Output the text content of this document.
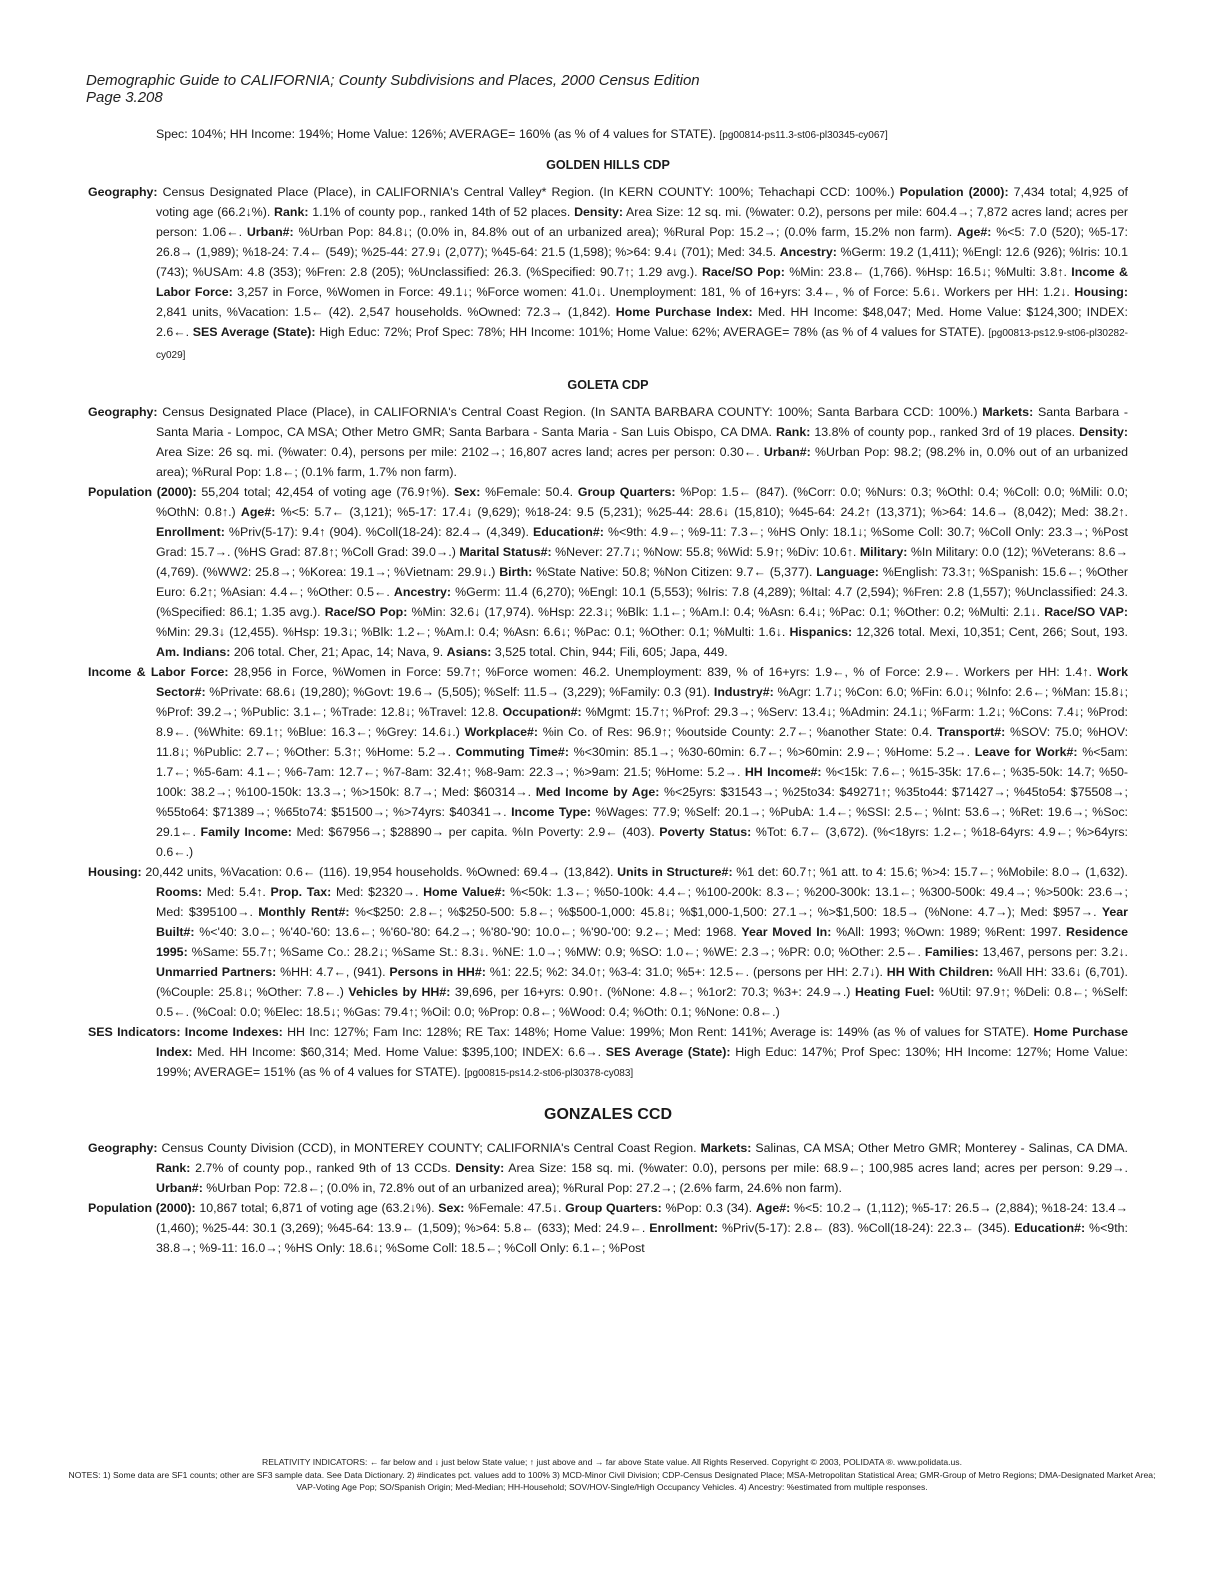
Demographic Guide to CALIFORNIA; County Subdivisions and Places, 2000 Census Edition
Page 3.208
Spec: 104%; HH Income: 194%; Home Value: 126%; AVERAGE= 160% (as % of 4 values for STATE). [pg00814-ps11.3-st06-pl30345-cy067]
GOLDEN HILLS CDP
Geography: Census Designated Place (Place), in CALIFORNIA's Central Valley* Region. (In KERN COUNTY: 100%; Tehachapi CCD: 100%.) Population (2000): 7,434 total; 4,925 of voting age (66.2↓%). Rank: 1.1% of county pop., ranked 14th of 52 places. Density: Area Size: 12 sq. mi. (%water: 0.2), persons per mile: 604.4→; 7,872 acres land; acres per person: 1.06←. Urban#: %Urban Pop: 84.8↓; (0.0% in, 84.8% out of an urbanized area); %Rural Pop: 15.2→; (0.0% farm, 15.2% non farm). Age#: %<5: 7.0 (520); %5-17: 26.8→ (1,989); %18-24: 7.4← (549); %25-44: 27.9↓ (2,077); %45-64: 21.5 (1,598); %>64: 9.4↓ (701); Med: 34.5. Ancestry: %Germ: 19.2 (1,411); %Engl: 12.6 (926); %Iris: 10.1 (743); %USAm: 4.8 (353); %Fren: 2.8 (205); %Unclassified: 26.3. (%Specified: 90.7↑; 1.29 avg.). Race/SO Pop: %Min: 23.8← (1,766). %Hsp: 16.5↓; %Multi: 3.8↑. Income & Labor Force: 3,257 in Force, %Women in Force: 49.1↓; %Force women: 41.0↓. Unemployment: 181, % of 16+yrs: 3.4←, % of Force: 5.6↓. Workers per HH: 1.2↓. Housing: 2,841 units, %Vacation: 1.5← (42). 2,547 households. %Owned: 72.3→ (1,842). Home Purchase Index: Med. HH Income: $48,047; Med. Home Value: $124,300; INDEX: 2.6←. SES Average (State): High Educ: 72%; Prof Spec: 78%; HH Income: 101%; Home Value: 62%; AVERAGE= 78% (as % of 4 values for STATE). [pg00813-ps12.9-st06-pl30282-cy029]
GOLETA CDP
Geography: Census Designated Place (Place), in CALIFORNIA's Central Coast Region. (In SANTA BARBARA COUNTY: 100%; Santa Barbara CCD: 100%.) Markets: Santa Barbara - Santa Maria - Lompoc, CA MSA; Other Metro GMR; Santa Barbara - Santa Maria - San Luis Obispo, CA DMA. Rank: 13.8% of county pop., ranked 3rd of 19 places. Density: Area Size: 26 sq. mi. (%water: 0.4), persons per mile: 2102→; 16,807 acres land; acres per person: 0.30←. Urban#: %Urban Pop: 98.2; (98.2% in, 0.0% out of an urbanized area); %Rural Pop: 1.8←; (0.1% farm, 1.7% non farm).
Population (2000): 55,204 total; 42,454 of voting age (76.9↑%). Sex: %Female: 50.4. Group Quarters: %Pop: 1.5← (847). (%Corr: 0.0; %Nurs: 0.3; %Othl: 0.4; %Coll: 0.0; %Mili: 0.0; %OthN: 0.8↑.) Age#: %<5: 5.7← (3,121); %5-17: 17.4↓ (9,629); %18-24: 9.5 (5,231); %25-44: 28.6↓ (15,810); %45-64: 24.2↑ (13,371); %>64: 14.6→ (8,042); Med: 38.2↑. Enrollment: %Priv(5-17): 9.4↑ (904). %Coll(18-24): 82.4→ (4,349). Education#: %<9th: 4.9←; %9-11: 7.3←; %HS Only: 18.1↓; %Some Coll: 30.7; %Coll Only: 23.3→; %Post Grad: 15.7→. (%HS Grad: 87.8↑; %Coll Grad: 39.0→.) Marital Status#: %Never: 27.7↓; %Now: 55.8; %Wid: 5.9↑; %Div: 10.6↑. Military: %In Military: 0.0 (12); %Veterans: 8.6→ (4,769). (%WW2: 25.8→; %Korea: 19.1→; %Vietnam: 29.9↓.) Birth: %State Native: 50.8; %Non Citizen: 9.7← (5,377). Language: %English: 73.3↑; %Spanish: 15.6←; %Other Euro: 6.2↑; %Asian: 4.4←; %Other: 0.5←. Ancestry: %Germ: 11.4 (6,270); %Engl: 10.1 (5,553); %Iris: 7.8 (4,289); %Ital: 4.7 (2,594); %Fren: 2.8 (1,557); %Unclassified: 24.3. (%Specified: 86.1; 1.35 avg.). Race/SO Pop: %Min: 32.6↓ (17,974). %Hsp: 22.3↓; %Blk: 1.1←; %Am.I: 0.4; %Asn: 6.4↓; %Pac: 0.1; %Other: 0.2; %Multi: 2.1↓. Race/SO VAP: %Min: 29.3↓ (12,455). %Hsp: 19.3↓; %Blk: 1.2←; %Am.I: 0.4; %Asn: 6.6↓; %Pac: 0.1; %Other: 0.1; %Multi: 1.6↓. Hispanics: 12,326 total. Mexi, 10,351; Cent, 266; Sout, 193. Am. Indians: 206 total. Cher, 21; Apac, 14; Nava, 9. Asians: 3,525 total. Chin, 944; Fili, 605; Japa, 449.
Income & Labor Force: 28,956 in Force, %Women in Force: 59.7↑; %Force women: 46.2. Unemployment: 839, % of 16+yrs: 1.9←, % of Force: 2.9←. Workers per HH: 1.4↑. Work Sector#: %Private: 68.6↓ (19,280); %Govt: 19.6→ (5,505); %Self: 11.5→ (3,229); %Family: 0.3 (91). Industry#: %Agr: 1.7↓; %Con: 6.0; %Fin: 6.0↓; %Info: 2.6←; %Man: 15.8↓; %Prof: 39.2→; %Public: 3.1←; %Trade: 12.8↓; %Travel: 12.8. Occupation#: %Mgmt: 15.7↑; %Prof: 29.3→; %Serv: 13.4↓; %Admin: 24.1↓; %Farm: 1.2↓; %Cons: 7.4↓; %Prod: 8.9←. (%White: 69.1↑; %Blue: 16.3←; %Grey: 14.6↓.) Workplace#: %in Co. of Res: 96.9↑; %outside County: 2.7←; %another State: 0.4. Transport#: %SOV: 75.0; %HOV: 11.8↓; %Public: 2.7←; %Other: 5.3↑; %Home: 5.2→. Commuting Time#: %<30min: 85.1→; %30-60min: 6.7←; %>60min: 2.9←; %Home: 5.2→. Leave for Work#: %<5am: 1.7←; %5-6am: 4.1←; %6-7am: 12.7←; %7-8am: 32.4↑; %8-9am: 22.3→; %>9am: 21.5; %Home: 5.2→. HH Income#: %<15k: 7.6←; %15-35k: 17.6←; %35-50k: 14.7; %50-100k: 38.2→; %100-150k: 13.3→; %>150k: 8.7→; Med: $60314→. Med Income by Age: %<25yrs: $31543→; %25to34: $49271↑; %35to44: $71427→; %45to54: $75508→; %55to64: $71389→; %65to74: $51500→; %>74yrs: $40341→. Income Type: %Wages: 77.9; %Self: 20.1→; %PubA: 1.4←; %SSI: 2.5←; %Int: 53.6→; %Ret: 19.6→; %Soc: 29.1←. Family Income: Med: $67956→; $28890→ per capita. %In Poverty: 2.9← (403). Poverty Status: %Tot: 6.7← (3,672). (%<18yrs: 1.2←; %18-64yrs: 4.9←; %>64yrs: 0.6←.)
Housing: 20,442 units, %Vacation: 0.6← (116). 19,954 households. %Owned: 69.4→ (13,842). Units in Structure#: %1 det: 60.7↑; %1 att. to 4: 15.6; %>4: 15.7←; %Mobile: 8.0→ (1,632). Rooms: Med: 5.4↑. Prop. Tax: Med: $2320→. Home Value#: %<50k: 1.3←; %50-100k: 4.4←; %100-200k: 8.3←; %200-300k: 13.1←; %300-500k: 49.4→; %>500k: 23.6→; Med: $395100→. Monthly Rent#: %<$250: 2.8←; %$250-500: 5.8←; %$500-1,000: 45.8↓; %$1,000-1,500: 27.1→; %>$1,500: 18.5→ (%None: 4.7→); Med: $957→. Year Built#: %<'40: 3.0←; %'40-'60: 13.6←; %'60-'80: 64.2→; %'80-'90: 10.0←; %'90-'00: 9.2←; Med: 1968. Year Moved In: %All: 1993; %Own: 1989; %Rent: 1997. Residence 1995: %Same: 55.7↑; %Same Co.: 28.2↓; %Same St.: 8.3↓. %NE: 1.0→; %MW: 0.9; %SO: 1.0←; %WE: 2.3→; %PR: 0.0; %Other: 2.5←. Families: 13,467, persons per: 3.2↓. Unmarried Partners: %HH: 4.7←, (941). Persons in HH#: %1: 22.5; %2: 34.0↑; %3-4: 31.0; %5+: 12.5←. (persons per HH: 2.7↓). HH With Children: %All HH: 33.6↓ (6,701). (%Couple: 25.8↓; %Other: 7.8←.) Vehicles by HH#: 39,696, per 16+yrs: 0.90↑. (%None: 4.8←; %1or2: 70.3; %3+: 24.9→.) Heating Fuel: %Util: 97.9↑; %Deli: 0.8←; %Self: 0.5←. (%Coal: 0.0; %Elec: 18.5↓; %Gas: 79.4↑; %Oil: 0.0; %Prop: 0.8←; %Wood: 0.4; %Oth: 0.1; %None: 0.8←.)
SES Indicators: Income Indexes: HH Inc: 127%; Fam Inc: 128%; RE Tax: 148%; Home Value: 199%; Mon Rent: 141%; Average is: 149% (as % of values for STATE). Home Purchase Index: Med. HH Income: $60,314; Med. Home Value: $395,100; INDEX: 6.6→. SES Average (State): High Educ: 147%; Prof Spec: 130%; HH Income: 127%; Home Value: 199%; AVERAGE= 151% (as % of 4 values for STATE). [pg00815-ps14.2-st06-pl30378-cy083]
GONZALES CCD
Geography: Census County Division (CCD), in MONTEREY COUNTY; CALIFORNIA's Central Coast Region. Markets: Salinas, CA MSA; Other Metro GMR; Monterey - Salinas, CA DMA. Rank: 2.7% of county pop., ranked 9th of 13 CCDs. Density: Area Size: 158 sq. mi. (%water: 0.0), persons per mile: 68.9←; 100,985 acres land; acres per person: 9.29→. Urban#: %Urban Pop: 72.8←; (0.0% in, 72.8% out of an urbanized area); %Rural Pop: 27.2→; (2.6% farm, 24.6% non farm).
Population (2000): 10,867 total; 6,871 of voting age (63.2↓%). Sex: %Female: 47.5↓. Group Quarters: %Pop: 0.3 (34). Age#: %<5: 10.2→ (1,112); %5-17: 26.5→ (2,884); %18-24: 13.4→ (1,460); %25-44: 30.1 (3,269); %45-64: 13.9← (1,509); %>64: 5.8← (633); Med: 24.9←. Enrollment: %Priv(5-17): 2.8← (83). %Coll(18-24): 22.3← (345). Education#: %<9th: 38.8→; %9-11: 16.0→; %HS Only: 18.6↓; %Some Coll: 18.5←; %Coll Only: 6.1←; %Post
RELATIVITY INDICATORS: ← far below and ↓ just below State value; ↑ just above and → far above State value. All Rights Reserved. Copyright © 2003, POLIDATA ®. www.polidata.us.
NOTES: 1) Some data are SF1 counts; other are SF3 sample data. See Data Dictionary. 2) #indicates pct. values add to 100% 3) MCD-Minor Civil Division; CDP-Census Designated Place; MSA-Metropolitan Statistical Area; GMR-Group of Metro Regions; DMA-Designated Market Area; VAP-Voting Age Pop; SO/Spanish Origin; Med-Median; HH-Household; SOV/HOV-Single/High Occupancy Vehicles. 4) Ancestry: %estimated from multiple responses.
